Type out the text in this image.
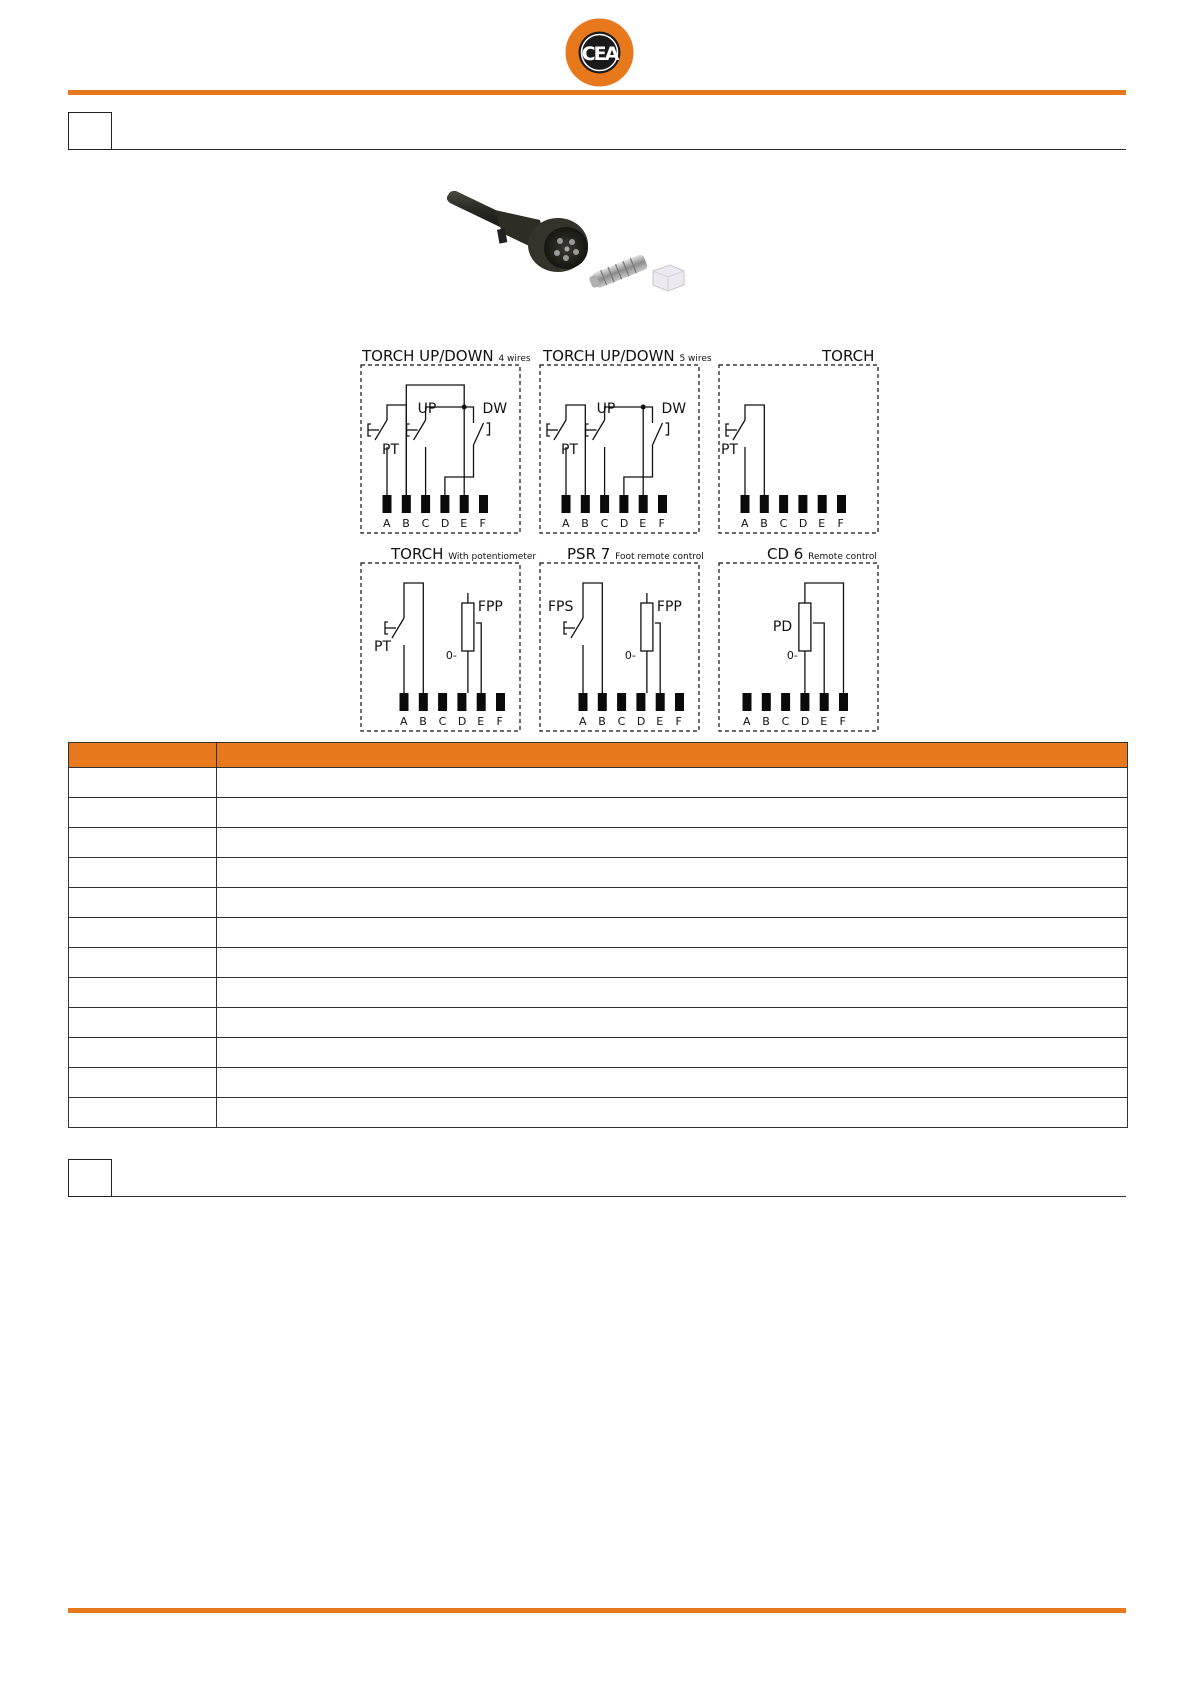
CEA
TORCH UP/DOWN 4 wires TORCH UP/DOWN 5 wires	TORCH
TORCH With potentiometer PSR 7 Foot remote control	CD 6 Remote control
A B C D E F
PT
UP	DW
A B C D E F
PT
UP	DW
A B C D E F
PT
A B C D E F
PT
FPP
0-
A B C D E F
FPS	FPP
0-
A B C D E F
PD
0-
